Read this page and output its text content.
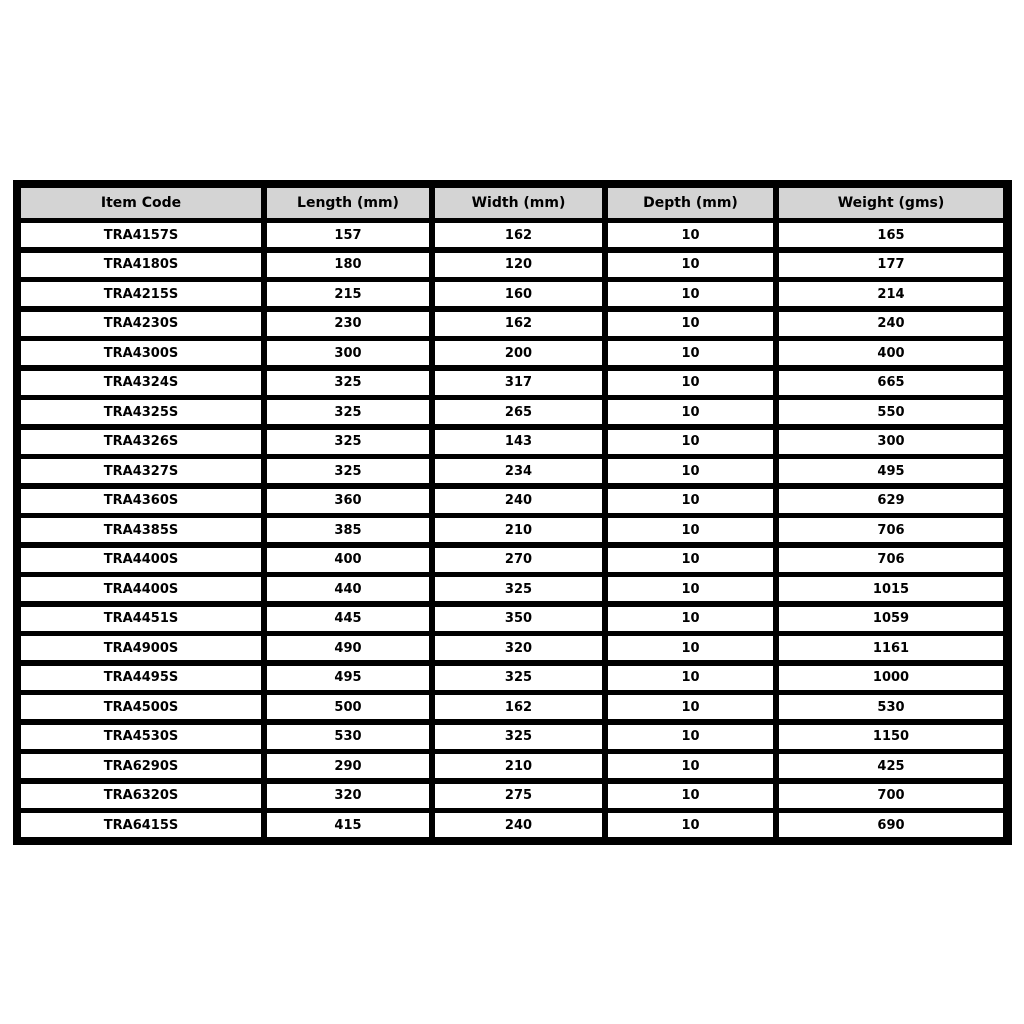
Item Code	Length (mm)	Width (mm)	Depth (mm)	Weight (gms)
TRA4157S	157	162	10	165
TRA4180S	180	120	10	177
TRA4215S	215	160	10	214
TRA4230S	230	162	10	240
TRA4300S	300	200	10	400
TRA4324S	325	317	10	665
TRA4325S	325	265	10	550
TRA4326S	325	143	10	300
TRA4327S	325	234	10	495
TRA4360S	360	240	10	629
TRA4385S	385	210	10	706
TRA4400S	400	270	10	706
TRA4400S	440	325	10	1015
TRA4451S	445	350	10	1059
TRA4900S	490	320	10	1161
TRA4495S	495	325	10	1000
TRA4500S	500	162	10	530
TRA4530S	530	325	10	1150
TRA6290S	290	210	10	425
TRA6320S	320	275	10	700
TRA6415S	415	240	10	690
